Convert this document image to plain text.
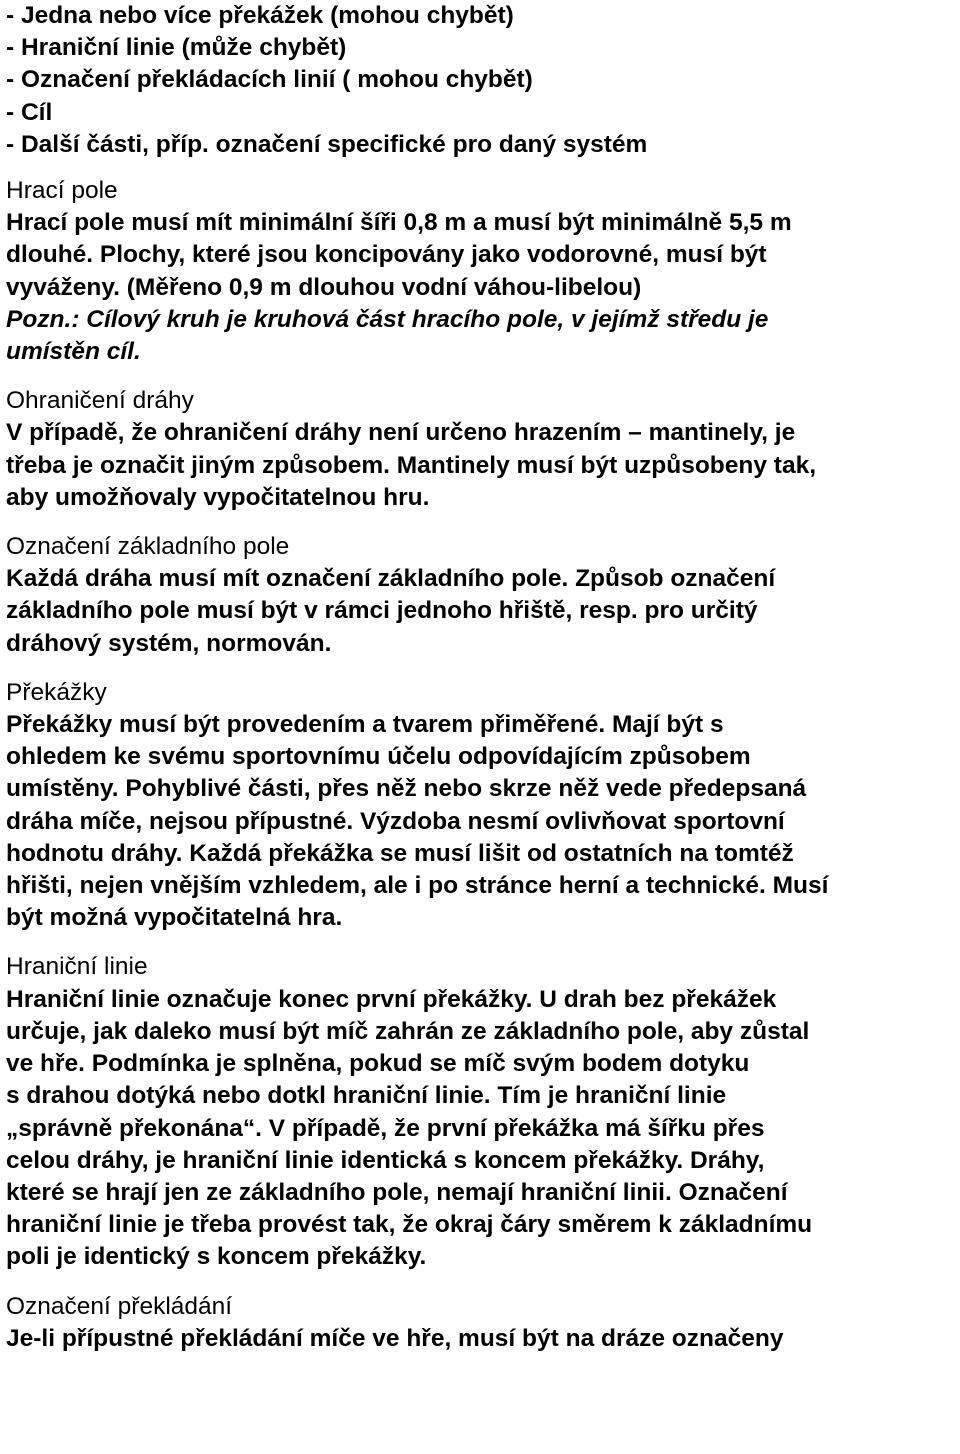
- Jedna nebo více překážek (mohou chybět)
- Hraniční linie (může chybět)
- Označení překládacích linií ( mohou chybět)
- Cíl
- Další části, příp. označení specifické pro daný systém
Hrací pole
Hrací pole musí mít minimální šíři 0,8 m a musí být minimálně 5,5 m
dlouhé. Plochy, které jsou koncipovány jako vodorovné, musí být
vyváženy. (Měřeno 0,9 m dlouhou vodní váhou-libelou)
Pozn.: Cílový kruh je kruhová část hracího pole, v jejímž středu je
umístěn cíl.
Ohraničení dráhy
V případě, že ohraničení dráhy není určeno hrazením – mantinely, je
třeba je označit jiným způsobem. Mantinely musí být uzpůsobeny tak,
aby umožňovaly vypočitatelnou hru.
Označení základního pole
Každá dráha musí mít označení základního pole. Způsob označení
základního pole musí být v rámci jednoho hřiště, resp. pro určitý
dráhový systém, normován.
Překážky
Překážky musí být provedením a tvarem přiměřené. Mají být s
ohledem ke svému sportovnímu účelu odpovídajícím způsobem
umístěny. Pohyblivé části, přes něž nebo skrze něž vede předepsaná
dráha míče, nejsou přípustné. Výzdoba nesmí ovlivňovat sportovní
hodnotu dráhy. Každá překážka se musí lišit od ostatních na tomtéž
hřišti, nejen vnějším vzhledem, ale i po stránce herní a technické. Musí
být možná vypočitatelná hra.
Hraniční linie
Hraniční linie označuje konec první překážky. U drah bez překážek
určuje, jak daleko musí být míč zahrán ze základního pole, aby zůstal
ve hře. Podmínka je splněna, pokud se míč svým bodem dotyku
s drahou dotýká nebo dotkl hraniční linie. Tím je hraniční linie
„správně překonána“. V případě, že první překážka má šířku přes
celou dráhy, je hraniční linie identická s koncem překážky. Dráhy,
které se hrají jen ze základního pole, nemají hraniční linii. Označení
hraniční linie je třeba provést tak, že okraj čáry směrem k základnímu
poli je identický s koncem překážky.
Označení překládání
Je-li přípustné překládání míče ve hře, musí být na dráze označeny
